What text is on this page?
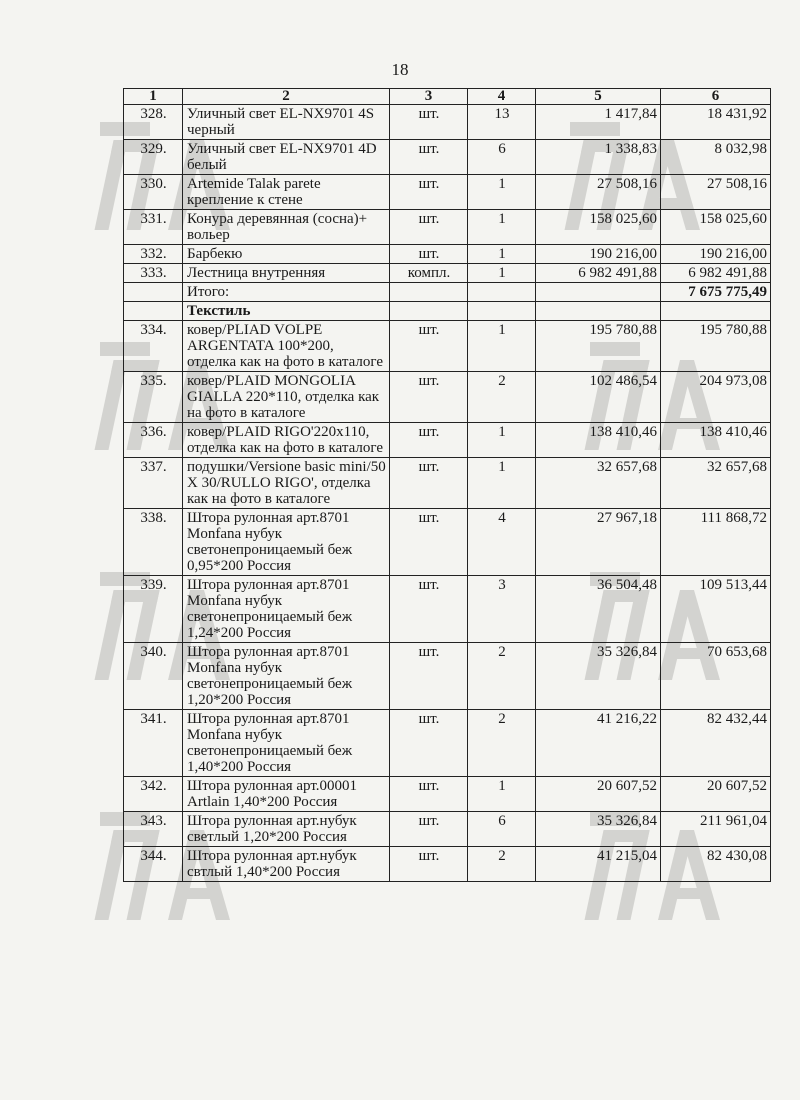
18
1	2	3	4	5	6
328.	Уличный свет EL-NX9701 4S черный	шт.	13	1 417,84	18 431,92
329.	Уличный свет EL-NX9701 4D белый	шт.	6	1 338,83	8 032,98
330.	Artemide Talak parete крепление к стене	шт.	1	27 508,16	27 508,16
331.	Конура деревянная (сосна)+ вольер	шт.	1	158 025,60	158 025,60
332.	Барбекю	шт.	1	190 216,00	190 216,00
333.	Лестница внутренняя	компл.	1	6 982 491,88	6 982 491,88
	Итого:				7 675 775,49
	Текстиль				
334.	ковер/PLIAD VOLPE ARGENTATA 100*200, отделка как на фото в каталоге	шт.	1	195 780,88	195 780,88
335.	ковер/PLAID MONGOLIA GIALLA 220*110, отделка как на фото в каталоге	шт.	2	102 486,54	204 973,08
336.	ковер/PLAID RIGO'220x110, отделка как на фото в каталоге	шт.	1	138 410,46	138 410,46
337.	подушки/Versione basic mini/50 X 30/RULLO RIGO', отделка как на фото в каталоге	шт.	1	32 657,68	32 657,68
338.	Штора рулонная арт.8701 Monfana нубук светонепроницаемый беж 0,95*200 Россия	шт.	4	27 967,18	111 868,72
339.	Штора рулонная арт.8701 Monfana нубук светонепроницаемый беж 1,24*200 Россия	шт.	3	36 504,48	109 513,44
340.	Штора рулонная арт.8701 Monfana нубук светонепроницаемый беж 1,20*200 Россия	шт.	2	35 326,84	70 653,68
341.	Штора рулонная арт.8701 Monfana нубук светонепроницаемый беж 1,40*200 Россия	шт.	2	41 216,22	82 432,44
342.	Штора рулонная арт.00001 Artlain 1,40*200 Россия	шт.	1	20 607,52	20 607,52
343.	Штора рулонная арт.нубук светлый 1,20*200 Россия	шт.	6	35 326,84	211 961,04
344.	Штора рулонная арт.нубук свтлый 1,40*200 Россия	шт.	2	41 215,04	82 430,08
